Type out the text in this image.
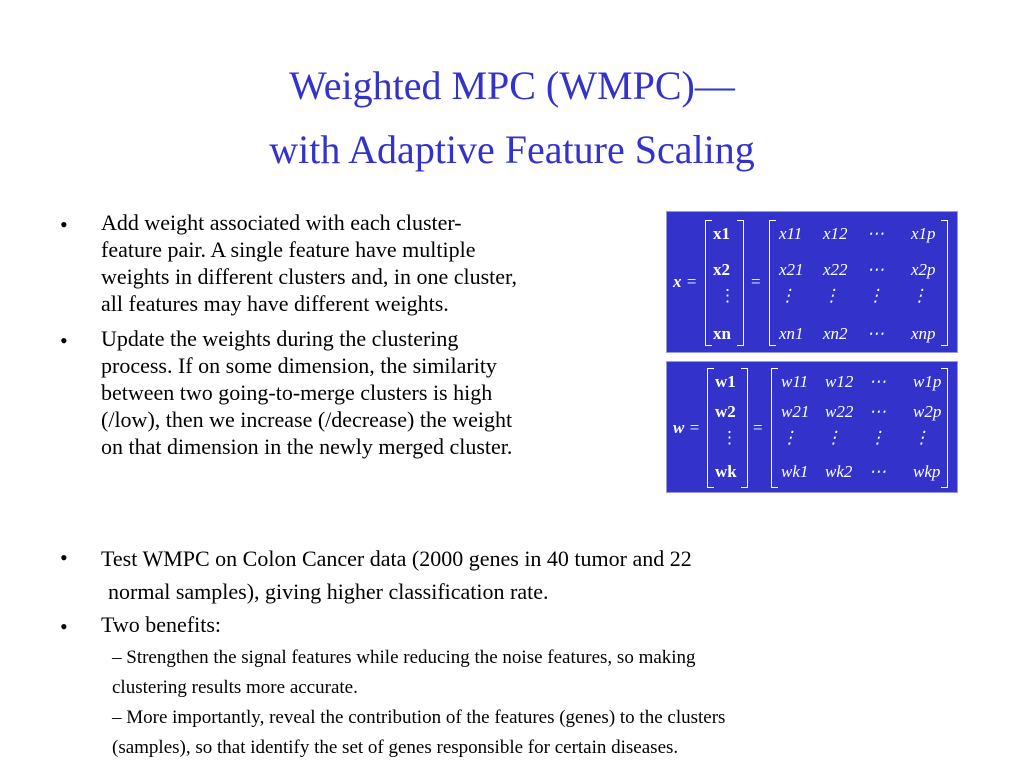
Weighted MPC (WMPC)—
with Adaptive Feature Scaling
• Add weight associated with each cluster-
feature pair. A single feature have multiple
weights in different clusters and, in one cluster,
all features may have different weights.
• Update the weights during the clustering
process. If on some dimension, the similarity
between two going-to-merge clusters is high
(/low), then we increase (/decrease) the weight
on that dimension in the newly merged cluster.
x =
x1
x2
⋮
xn
=
x11 x12 ⋯ x1p
x21 x22 ⋯ x2p
⋮ ⋮ ⋮ ⋮
xn1 xn2 ⋯ xnp
w =
w1
w2
⋮
wk
=
w11 w12 ⋯ w1p
w21 w22 ⋯ w2p
⋮ ⋮ ⋮ ⋮
wk1 wk2 ⋯ wkp
• Test WMPC on Colon Cancer data (2000 genes in 40 tumor and 22
normal samples), giving higher classification rate.
• Two benefits:
– Strengthen the signal features while reducing the noise features, so making
clustering results more accurate.
– More importantly, reveal the contribution of the features (genes) to the clusters
(samples), so that identify the set of genes responsible for certain diseases.
